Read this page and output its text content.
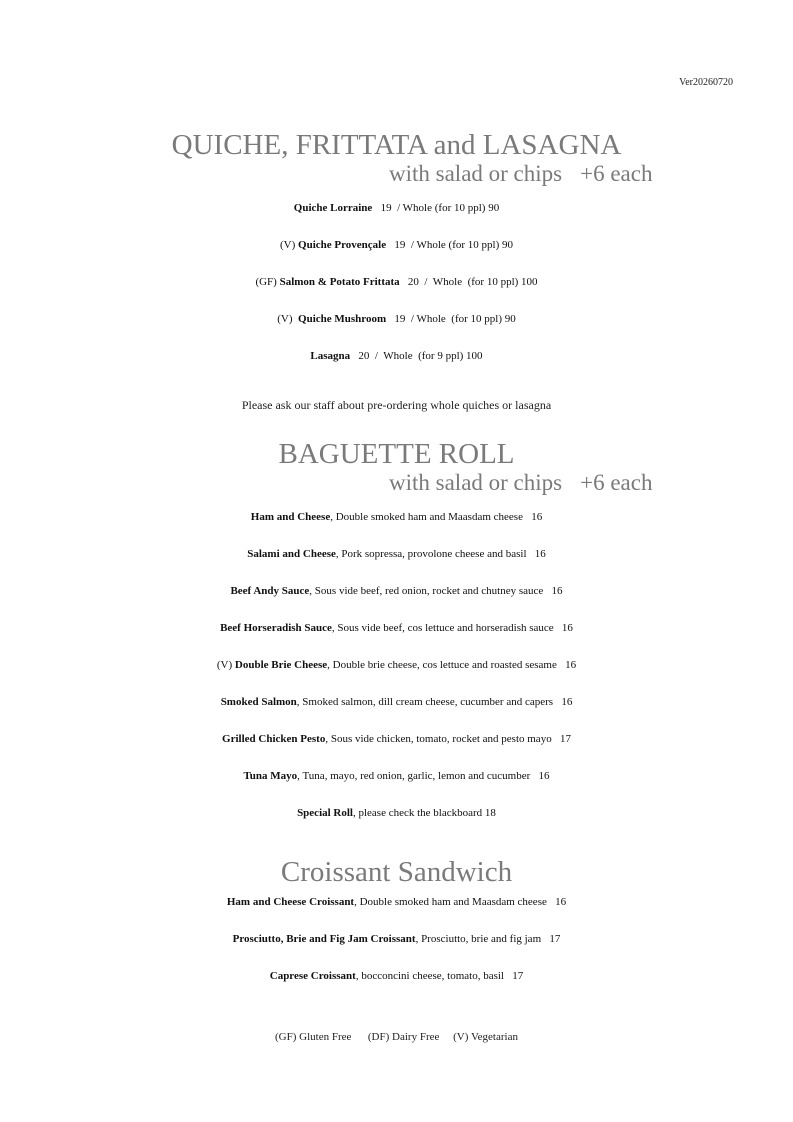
Ver20260720
QUICHE, FRITTATA and LASAGNA
with salad or chips +6 each
Quiche Lorraine   19  / Whole (for 10 ppl) 90
(V) Quiche Provençale   19  / Whole (for 10 ppl) 90
(GF) Salmon & Potato Frittata   20  /  Whole  (for 10 ppl) 100
(V)  Quiche Mushroom   19  / Whole  (for 10 ppl) 90
Lasagna   20  /  Whole  (for 9 ppl) 100
Please ask our staff about pre-ordering whole quiches or lasagna
BAGUETTE ROLL
with salad or chips +6 each
Ham and Cheese, Double smoked ham and Maasdam cheese   16
Salami and Cheese, Pork sopressa, provolone cheese and basil   16
Beef Andy Sauce, Sous vide beef, red onion, rocket and chutney sauce   16
Beef Horseradish Sauce, Sous vide beef, cos lettuce and horseradish sauce   16
(V) Double Brie Cheese, Double brie cheese, cos lettuce and roasted sesame   16
Smoked Salmon, Smoked salmon, dill cream cheese, cucumber and capers   16
Grilled Chicken Pesto, Sous vide chicken, tomato, rocket and pesto mayo   17
Tuna Mayo, Tuna, mayo, red onion, garlic, lemon and cucumber   16
Special Roll, please check the blackboard 18
Croissant Sandwich
Ham and Cheese Croissant, Double smoked ham and Maasdam cheese   16
Prosciutto, Brie and Fig Jam Croissant, Prosciutto, brie and fig jam   17
Caprese Croissant, bocconcini cheese, tomato, basil   17
(GF) Gluten Free (DF) Dairy Free (V) Vegetarian
